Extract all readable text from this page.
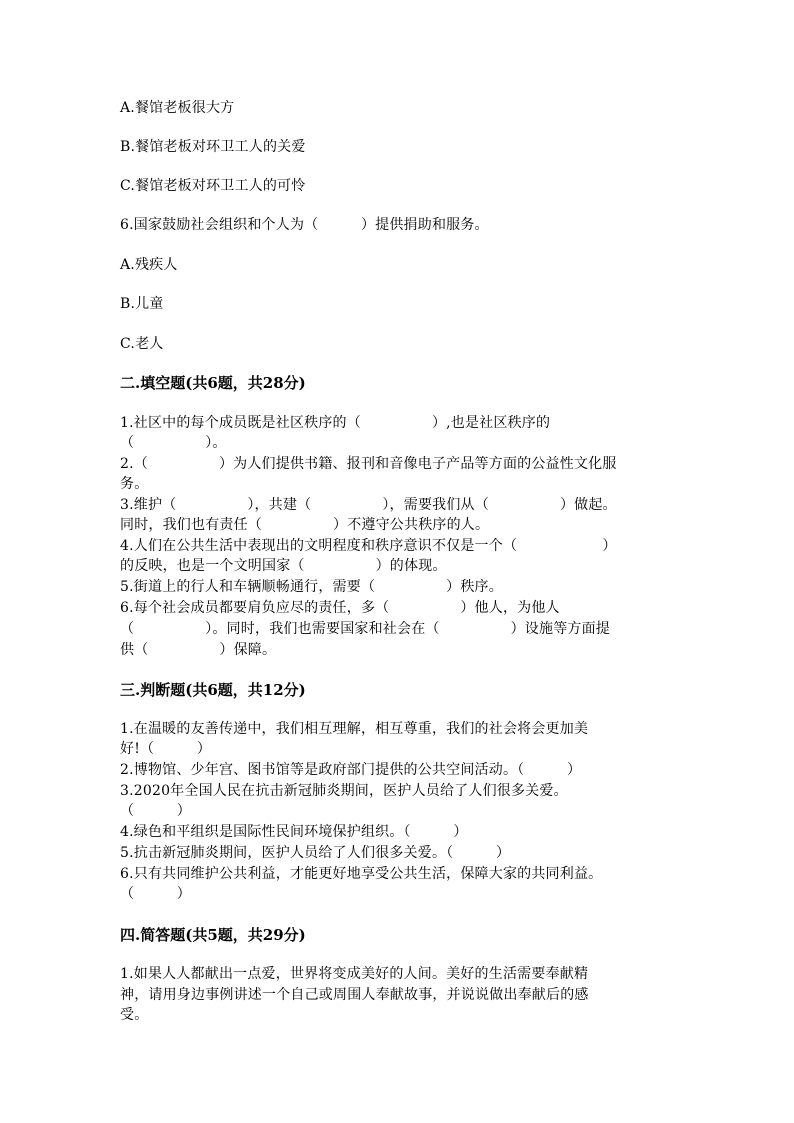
A.餐馆老板很大方
B.餐馆老板对环卫工人的关爱
C.餐馆老板对环卫工人的可怜
6.国家鼓励社会组织和个人为（　　　）提供捐助和服务。
A.残疾人
B.儿童
C.老人
二.填空题(共6题，共28分)
1.社区中的每个成员既是社区秩序的（　　　　　）,也是社区秩序的
（　　　　　）。
2.（　　　　　）为人们提供书籍、报刊和音像电子产品等方面的公益性文化服
务。
3.维护（　　　　　），共建（　　　　　），需要我们从（　　　　　）做起。
同时，我们也有责任（　　　　　）不遵守公共秩序的人。
4.人们在公共生活中表现出的文明程度和秩序意识不仅是一个（　　　　　　）
的反映，也是一个文明国家（　　　　　）的体现。
5.街道上的行人和车辆顺畅通行，需要（　　　　　）秩序。
6.每个社会成员都要肩负应尽的责任，多（　　　　　）他人，为他人
（　　　　　）。同时，我们也需要国家和社会在（　　　　　）设施等方面提
供（　　　　　）保障。
三.判断题(共6题，共12分)
1.在温暖的友善传递中，我们相互理解，相互尊重，我们的社会将会更加美
好!（　　　）
2.博物馆、少年宫、图书馆等是政府部门提供的公共空间活动。（　　　）
3.2020年全国人民在抗击新冠肺炎期间，医护人员给了人们很多关爱。
（　　　）
4.绿色和平组织是国际性民间环境保护组织。（　　　）
5.抗击新冠肺炎期间，医护人员给了人们很多关爱。（　　　）
6.只有共同维护公共利益，才能更好地享受公共生活，保障大家的共同利益。
（　　　）
四.简答题(共5题，共29分)
1.如果人人都献出一点爱，世界将变成美好的人间。美好的生活需要奉献精
神，请用身边事例讲述一个自己或周围人奉献故事，并说说做出奉献后的感
受。
